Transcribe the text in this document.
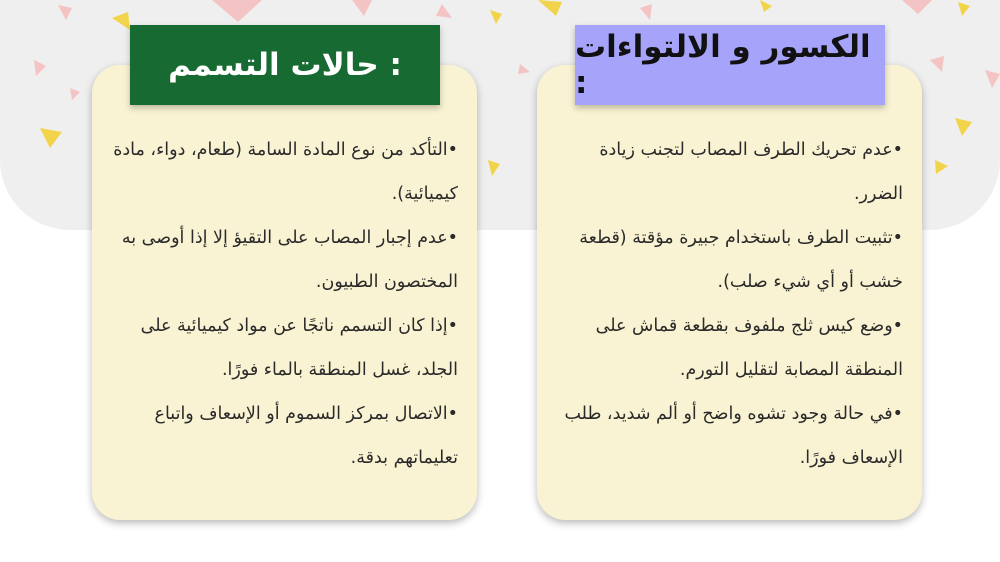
حالات التسمم :
• التأكد من نوع المادة السامة (طعام، دواء، مادة كيميائية).
• عدم إجبار المصاب على التقيؤ إلا إذا أوصى به المختصون الطبيون.
• إذا كان التسمم ناتجًا عن مواد كيميائية على الجلد، غسل المنطقة بالماء فورًا.
• الاتصال بمركز السموم أو الإسعاف واتباع تعليماتهم بدقة.
الكسور و الالتواءات :
• عدم تحريك الطرف المصاب لتجنب زيادة الضرر.
• تثبيت الطرف باستخدام جبيرة مؤقتة (قطعة خشب أو أي شيء صلب).
• وضع كيس ثلج ملفوف بقطعة قماش على المنطقة المصابة لتقليل التورم.
• في حالة وجود تشوه واضح أو ألم شديد، طلب الإسعاف فورًا.
